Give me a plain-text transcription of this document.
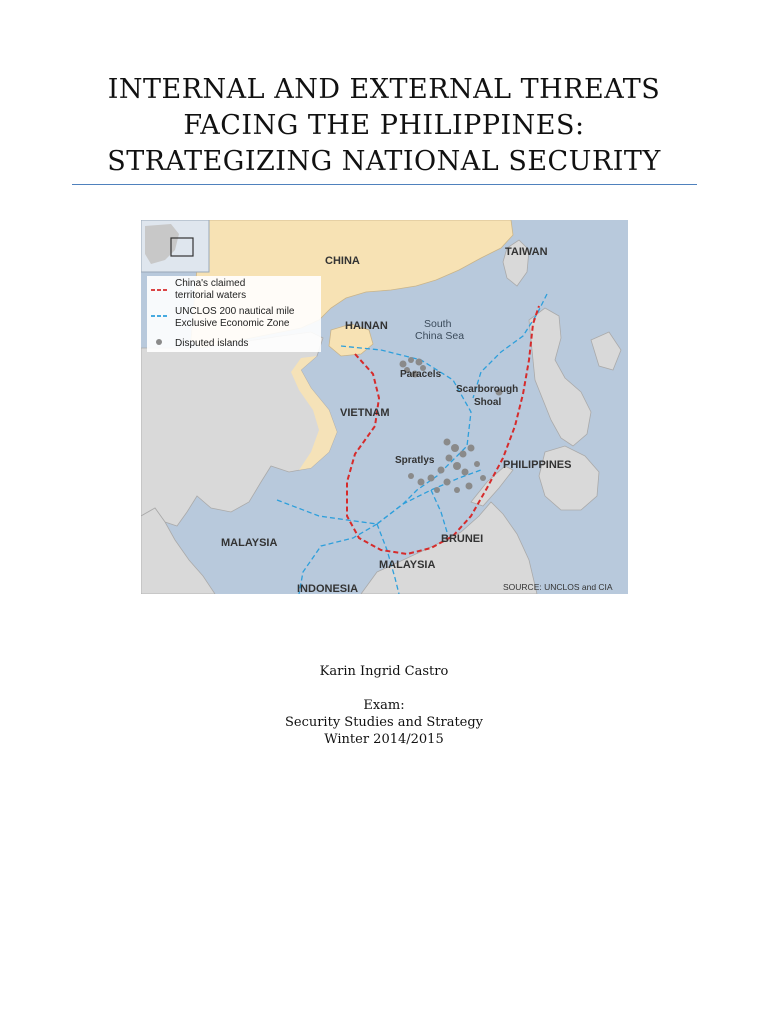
INTERNAL AND EXTERNAL THREATS
FACING THE PHILIPPINES:
STRATEGIZING NATIONAL SECURITY
China's claimed
territorial waters
UNCLOS 200 nautical mile
Exclusive Economic Zone
Disputed islands
CHINA
TAIWAN
HAINAN
VIETNAM
PHILIPPINES
MALAYSIA	BRUNEI
MALAYSIA
INDONESIA
South
China Sea
Paracels
Scarborough
Shoal
Spratlys
SOURCE: UNCLOS and CIA
Karin Ingrid Castro
Exam:
Security Studies and Strategy
Winter 2014/2015
